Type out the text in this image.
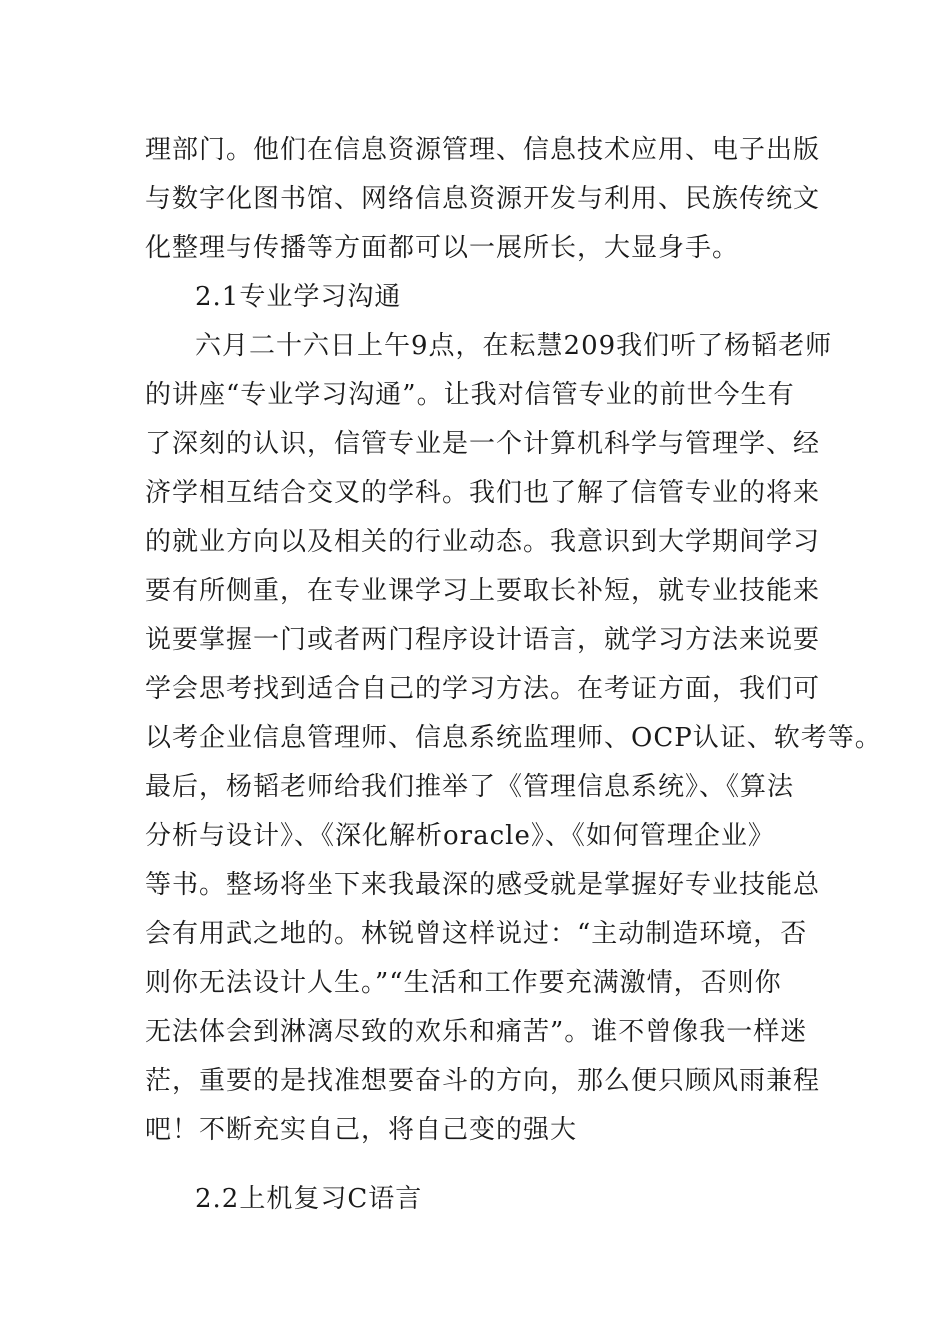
理部门。他们在信息资源管理、信息技术应用、电子出版
与数字化图书馆、网络信息资源开发与利用、民族传统文
化整理与传播等方面都可以一展所长，大显身手。
2.1专业学习沟通
六月二十六日上午9点，在耘慧209我们听了杨韬老师
的讲座“专业学习沟通”。让我对信管专业的前世今生有
了深刻的认识，信管专业是一个计算机科学与管理学、经
济学相互结合交叉的学科。我们也了解了信管专业的将来
的就业方向以及相关的行业动态。我意识到大学期间学习
要有所侧重，在专业课学习上要取长补短，就专业技能来
说要掌握一门或者两门程序设计语言，就学习方法来说要
学会思考找到适合自己的学习方法。在考证方面，我们可
以考企业信息管理师、信息系统监理师、OCP认证、软考等。
最后，杨韬老师给我们推举了《管理信息系统》、《算法
分析与设计》、《深化解析oracle》、《如何管理企业》
等书。整场将坐下来我最深的感受就是掌握好专业技能总
会有用武之地的。林锐曾这样说过：“主动制造环境，否
则你无法设计人生。”“生活和工作要充满激情，否则你
无法体会到淋漓尽致的欢乐和痛苦”。谁不曾像我一样迷
茫，重要的是找准想要奋斗的方向，那么便只顾风雨兼程
吧！不断充实自己，将自己变的强大
2.2上机复习C语言
